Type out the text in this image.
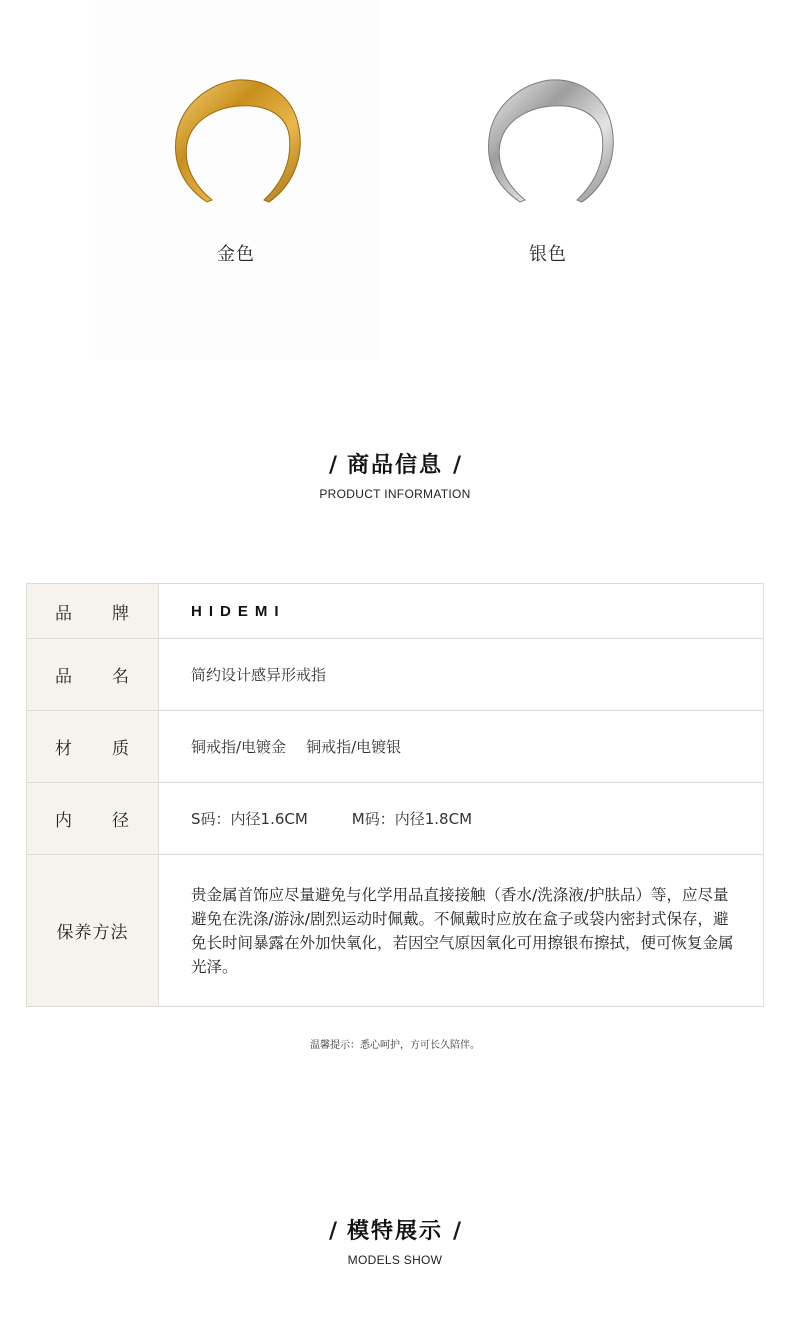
金色	银色
/ 商品信息 /
PRODUCT INFORMATION
品 牌	HIDEMI

品 名	简约设计感异形戒指

材 质	铜戒指/电镀金 铜戒指/电镀银

内 径	S码：内径1.6CM M码：内径1.8CM

保养方法	贵金属首饰应尽量避免与化学用品直接接触（香水/洗涤液/护肤品）等，应尽量避免在洗涤/游泳/剧烈运动时佩戴。不佩戴时应放在盒子或袋内密封式保存，避免长时间暴露在外加快氧化，若因空气原因氧化可用擦银布擦拭，便可恢复金属光泽。
温馨提示：悉心呵护，方可长久陪伴。
/ 模特展示 /
MODELS SHOW
